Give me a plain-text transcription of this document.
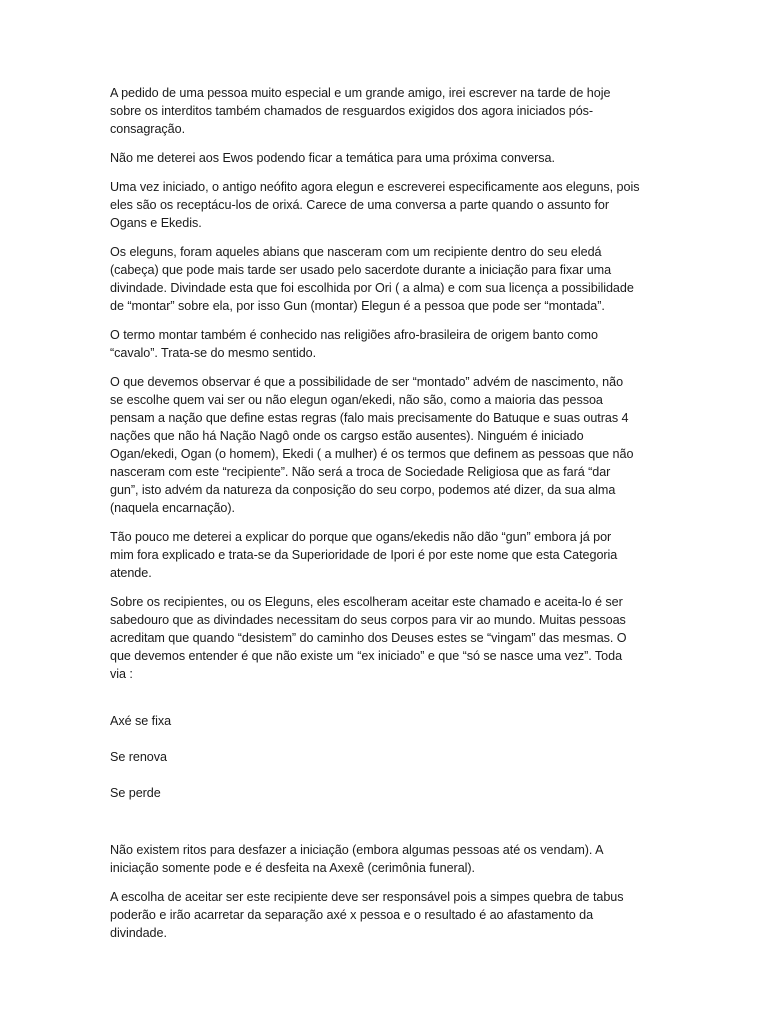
A pedido de uma pessoa muito especial e um grande amigo, irei escrever na tarde de hoje
sobre os interditos também chamados de resguardos exigidos dos agora iniciados pós-
consagração.

Não me deterei aos Ewos podendo ficar a temática para uma próxima conversa.

Uma vez iniciado, o antigo neófito agora elegun e escreverei especificamente aos eleguns, pois
eles são os receptácu-los de orixá. Carece de uma conversa a parte quando o assunto for
Ogans e Ekedis.

Os eleguns, foram aqueles abians que nasceram com um recipiente dentro do seu eledá
(cabeça) que pode mais tarde ser usado pelo sacerdote durante a iniciação para fixar uma
divindade. Divindade esta que foi escolhida por Ori ( a alma) e com sua licença a possibilidade
de “montar” sobre ela, por isso Gun (montar) Elegun é a pessoa que pode ser “montada”.

O termo montar também é conhecido nas religiões afro-brasileira de origem banto como
“cavalo”. Trata-se do mesmo sentido.

O que devemos observar é que a possibilidade de ser “montado” advém de nascimento, não
se escolhe quem vai ser ou não elegun ogan/ekedi, não são, como a maioria das pessoa
pensam a nação que define estas regras (falo mais precisamente do Batuque e suas outras 4
nações que não há Nação Nagô onde os cargso estão ausentes). Ninguém é iniciado
Ogan/ekedi, Ogan (o homem), Ekedi ( a mulher) é os termos que definem as pessoas que não
nasceram com este “recipiente”. Não será a troca de Sociedade Religiosa que as fará “dar
gun”, isto advém da natureza da conposição do seu corpo, podemos até dizer, da sua alma
(naquela encarnação).

Tão pouco me deterei a explicar do porque que ogans/ekedis não dão “gun” embora já por
mim fora explicado e trata-se da Superioridade de Ipori é por este nome que esta Categoria
atende.

Sobre os recipientes, ou os Eleguns, eles escolheram aceitar este chamado e aceita-lo é ser
sabedouro que as divindades necessitam do seus corpos para vir ao mundo. Muitas pessoas
acreditam que quando “desistem” do caminho dos Deuses estes se “vingam” das mesmas. O
que devemos entender é que não existe um “ex iniciado” e que “só se nasce uma vez”. Toda
via :

Axé se fixa

Se renova

Se perde

Não existem ritos para desfazer a iniciação (embora algumas pessoas até os vendam). A
iniciação somente pode e é desfeita na Axexê (cerimônia funeral).

A escolha de aceitar ser este recipiente deve ser responsável pois a simpes quebra de tabus
poderão e irão acarretar da separação axé x pessoa e o resultado é ao afastamento da
divindade.
